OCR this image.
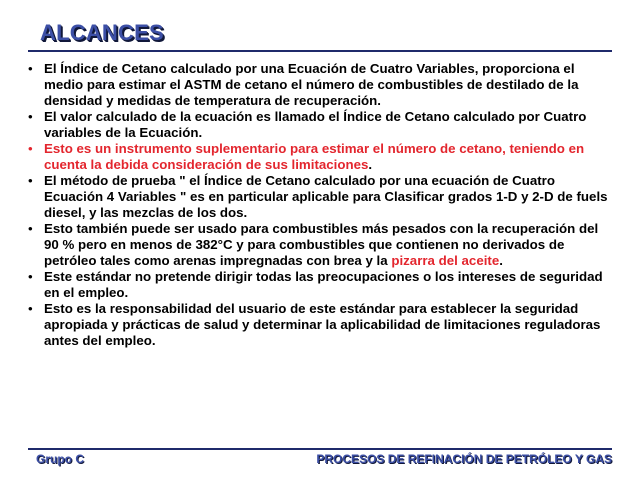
ALCANCES
• El Índice de Cetano calculado por una Ecuación de Cuatro Variables, proporciona el medio para estimar el ASTM de cetano el número de combustibles de destilado de la densidad y medidas de temperatura de recuperación.
• El valor calculado de la ecuación es llamado el Índice de Cetano calculado por Cuatro variables de la Ecuación.
• Esto es un instrumento suplementario para estimar el número de cetano, teniendo en cuenta la debida consideración de sus limitaciones.
• El método de prueba " el Índice de Cetano calculado por una ecuación de Cuatro Ecuación 4 Variables " es en particular aplicable para Clasificar grados 1-D y 2-D de fuels diesel, y las mezclas de los dos.
• Esto también puede ser usado para combustibles más pesados con la recuperación del 90 % pero en menos de 382°C y para combustibles que contienen no derivados de petróleo tales como arenas impregnadas con brea y la pizarra del aceite.
• Este estándar no pretende dirigir todas las preocupaciones o los intereses de seguridad en el empleo.
• Esto es la responsabilidad del usuario de este estándar para establecer la seguridad apropiada y prácticas de salud y determinar la aplicabilidad de limitaciones reguladoras antes del empleo.
Grupo C	PROCESOS DE REFINACIÓN DE PETRÓLEO Y GAS
